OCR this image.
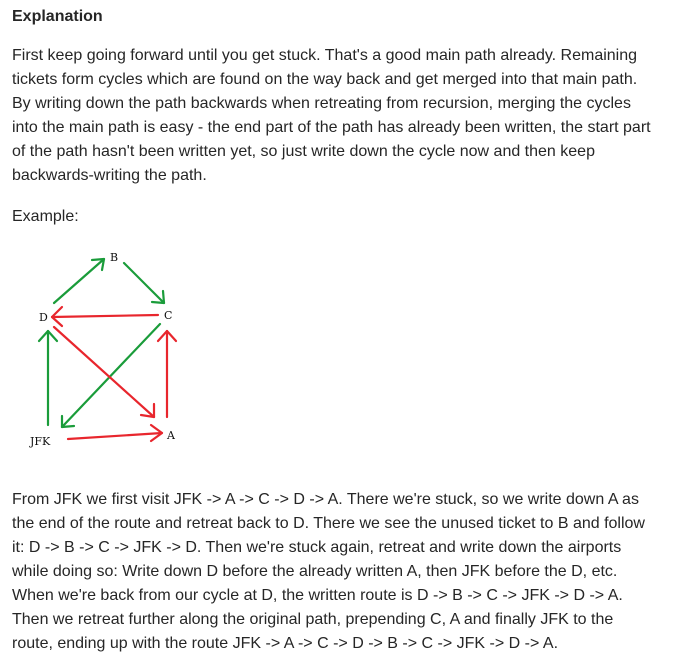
Explanation

First keep going forward until you get stuck. That's a good main path already. Remaining
tickets form cycles which are found on the way back and get merged into that main path.
By writing down the path backwards when retreating from recursion, merging the cycles
into the main path is easy - the end part of the path has already been written, the start part
of the path hasn't been written yet, so just write down the cycle now and then keep
backwards-writing the path.

Example:

B
C
D
A
JFK

From JFK we first visit JFK -> A -> C -> D -> A. There we're stuck, so we write down A as
the end of the route and retreat back to D. There we see the unused ticket to B and follow
it: D -> B -> C -> JFK -> D. Then we're stuck again, retreat and write down the airports
while doing so: Write down D before the already written A, then JFK before the D, etc.
When we're back from our cycle at D, the written route is D -> B -> C -> JFK -> D -> A.
Then we retreat further along the original path, prepending C, A and finally JFK to the
route, ending up with the route JFK -> A -> C -> D -> B -> C -> JFK -> D -> A.
